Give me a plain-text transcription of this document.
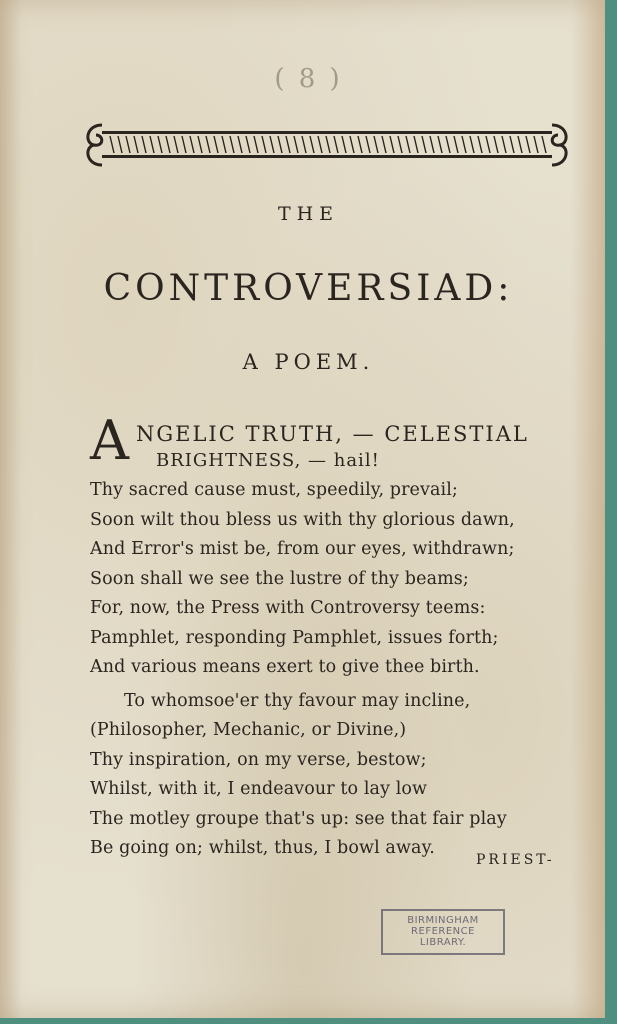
( 8 )
THE
CONTROVERSIAD:
A POEM.
A NGELIC TRUTH, — CELESTIAL
BRIGHTNESS, — hail!
Thy sacred cause must, speedily, prevail;
Soon wilt thou bless us with thy glorious dawn,
And Error's mist be, from our eyes, withdrawn;
Soon shall we see the lustre of thy beams;
For, now, the Press with Controversy teems:
Pamphlet, responding Pamphlet, issues forth;
And various means exert to give thee birth.
To whomsoe'er thy favour may incline,
(Philosopher, Mechanic, or Divine,)
Thy inspiration, on my verse, bestow;
Whilst, with it, I endeavour to lay low
The motley groupe that's up: see that fair play
Be going on; whilst, thus, I bowl away.
PRIEST-
BIRMINGHAM
REFERENCE
LIBRARY.
